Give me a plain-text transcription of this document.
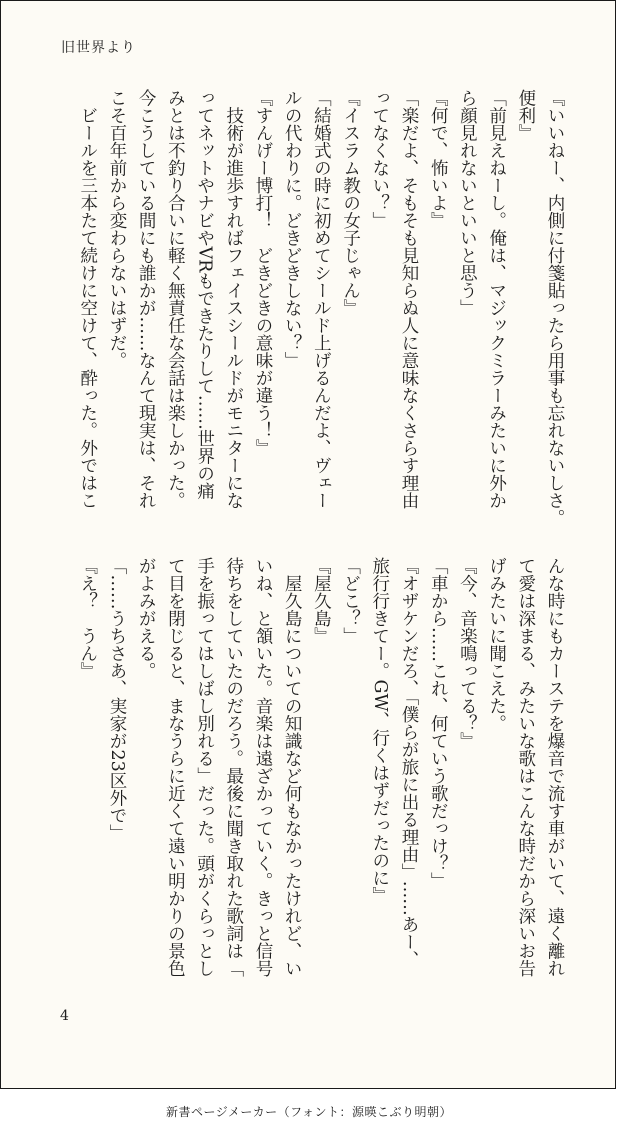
旧世界より

『いいねー、内側に付箋貼ったら用事も忘れないしさ。

便利』

「前見えねーし。俺は、マジックミラーみたいに外か

ら顔見れないといいと思う」

『何で、怖いよ』

「楽だよ、そもそも見知らぬ人に意味なくさらす理由

ってなくない？」

『イスラム教の女子じゃん』

「結婚式の時に初めてシールド上げるんだよ、ヴェー

ルの代わりに。どきどきしない？」

『すんげー博打！　どきどきの意味が違う！』

　技術が進歩すればフェイスシールドがモニターにな

ってネットやナビやVRもできたりして……世界の痛

みとは不釣り合いに軽く無責任な会話は楽しかった。

今こうしている間にも誰かが……なんて現実は、それ

こそ百年前から変わらないはずだ。

　ビールを三本たて続けに空けて、酔った。外ではこ

んな時にもカーステを爆音で流す車がいて、遠く離れ

て愛は深まる、みたいな歌はこんな時だから深いお告

げみたいに聞こえた。

『今、音楽鳴ってる？』

「車から……これ、何ていう歌だっけ？」

『オザケンだろ、「僕らが旅に出る理由」……あー、

旅行行きてー。GW、行くはずだったのに』

「どこ？」

『屋久島』

　屋久島についての知識など何もなかったけれど、い

いね、と頷いた。音楽は遠ざかっていく。きっと信号

待ちをしていたのだろう。最後に聞き取れた歌詞は「

手を振ってはしばし別れる」だった。頭がくらっとし

て目を閉じると、まなうらに近くて遠い明かりの景色

がよみがえる。

「……うちさあ、実家が23区外で」

『え？　うん』

4
新書ページメーカー（フォント：源暎こぶり明朝）
